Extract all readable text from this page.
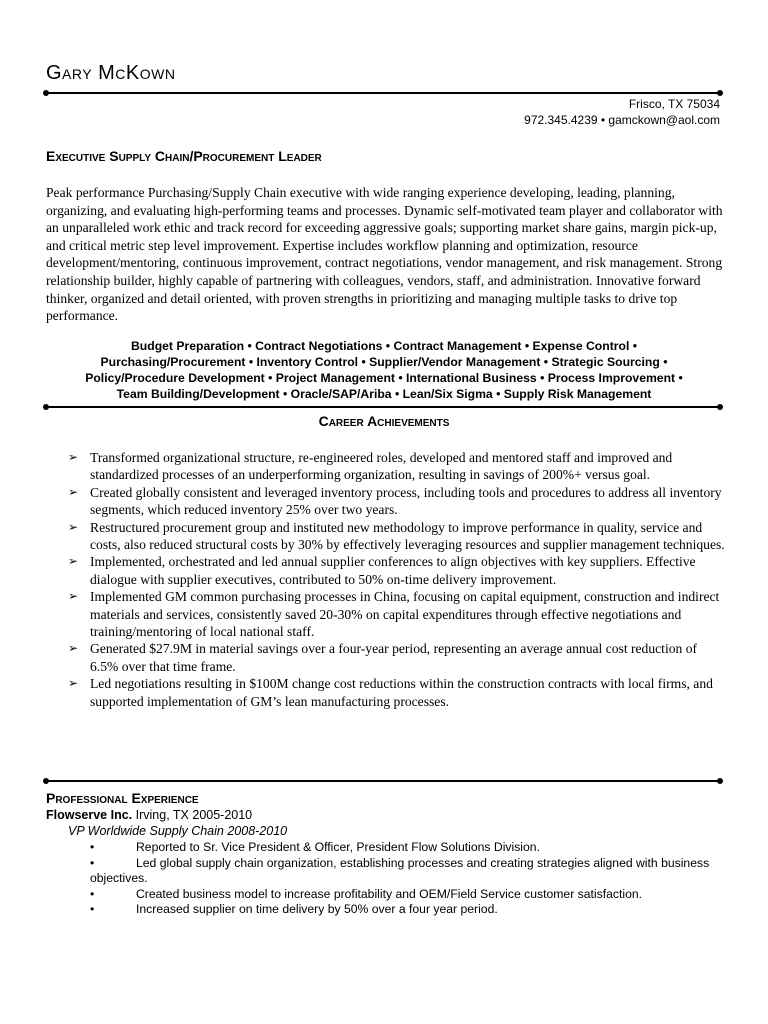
Gary McKown
Frisco, TX 75034
972.345.4239 • gamckown@aol.com
Executive Supply Chain/Procurement Leader

Peak performance Purchasing/Supply Chain executive with wide ranging experience developing, leading, planning, organizing, and evaluating high-performing teams and processes. Dynamic self-motivated team player and collaborator with an unparalleled work ethic and track record for exceeding aggressive goals; supporting market share gains, margin pick-up, and critical metric step level improvement. Expertise includes workflow planning and optimization, resource development/mentoring, continuous improvement, contract negotiations, vendor management, and risk management. Strong relationship builder, highly capable of partnering with colleagues, vendors, staff, and administration. Innovative forward thinker, organized and detail oriented, with proven strengths in prioritizing and managing multiple tasks to drive top performance.

Budget Preparation • Contract Negotiations • Contract Management • Expense Control •
Purchasing/Procurement • Inventory Control • Supplier/Vendor Management • Strategic Sourcing •
Policy/Procedure Development • Project Management • International Business • Process Improvement •
Team Building/Development • Oracle/SAP/Ariba • Lean/Six Sigma • Supply Risk Management
Career Achievements
➢ Transformed organizational structure, re-engineered roles, developed and mentored staff and improved and standardized processes of an underperforming organization, resulting in savings of 200%+ versus goal.
➢ Created globally consistent and leveraged inventory process, including tools and procedures to address all inventory segments, which reduced inventory 25% over two years.
➢ Restructured procurement group and instituted new methodology to improve performance in quality, service and costs, also reduced structural costs by 30% by effectively leveraging resources and supplier management techniques.
➢ Implemented, orchestrated and led annual supplier conferences to align objectives with key suppliers. Effective dialogue with supplier executives, contributed to 50% on-time delivery improvement.
➢ Implemented GM common purchasing processes in China, focusing on capital equipment, construction and indirect materials and services, consistently saved 20-30% on capital expenditures through effective negotiations and training/mentoring of local national staff.
➢ Generated $27.9M in material savings over a four-year period, representing an average annual cost reduction of 6.5% over that time frame.
➢ Led negotiations resulting in $100M change cost reductions within the construction contracts with local firms, and supported implementation of GM’s lean manufacturing processes.
Professional Experience
Flowserve Inc. Irving, TX 2005-2010
VP Worldwide Supply Chain 2008-2010
•	Reported to Sr. Vice President & Officer, President Flow Solutions Division.
•	Led global supply chain organization, establishing processes and creating strategies aligned with business objectives.
•	Created business model to increase profitability and OEM/Field Service customer satisfaction.
•	Increased supplier on time delivery by 50% over a four year period.
